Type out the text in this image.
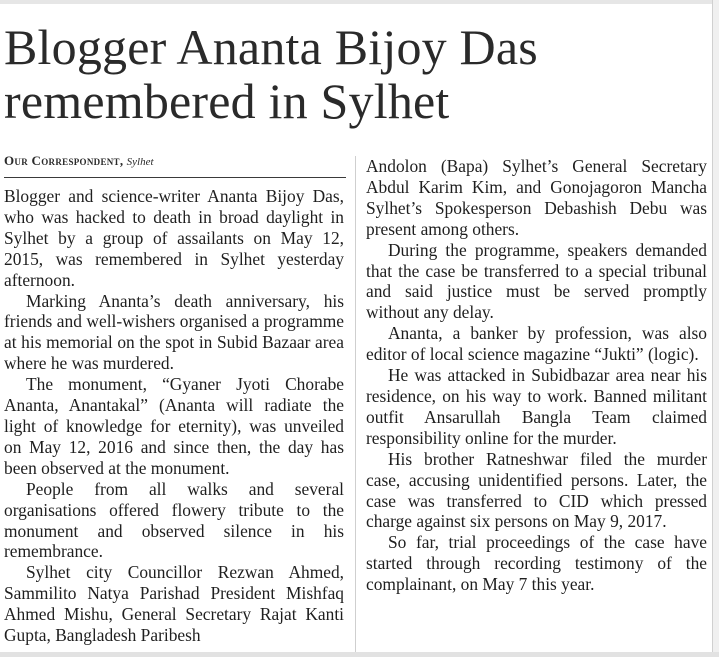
Blogger Ananta Bijoy Das
remembered in Sylhet
Our Correspondent, Sylhet

Blogger and science-writer Ananta Bijoy Das, who was hacked to death in broad daylight in Sylhet by a group of assailants on May 12, 2015, was remembered in Sylhet yesterday afternoon.

Marking Ananta’s death anniversary, his friends and well-wishers organised a programme at his memorial on the spot in Subid Bazaar area where he was murdered.

The monument, “Gyaner Jyoti Chorabe Ananta, Anantakal” (Ananta will radiate the light of knowledge for eternity), was unveiled on May 12, 2016 and since then, the day has been observed at the monument.

People from all walks and several organisations offered flowery tribute to the monument and observed silence in his remembrance.

Sylhet city Councillor Rezwan Ahmed, Sammilito Natya Parishad President Mishfaq Ahmed Mishu, General Secretary Rajat Kanti Gupta, Bangladesh Paribesh

Andolon (Bapa) Sylhet’s General Secretary Abdul Karim Kim, and Gonojagoron Mancha Sylhet’s Spokesperson Debashish Debu was present among others.

During the programme, speakers demanded that the case be transferred to a special tribunal and said justice must be served promptly without any delay.

Ananta, a banker by profession, was also editor of local science magazine “Jukti” (logic).

He was attacked in Subidbazar area near his residence, on his way to work. Banned militant outfit Ansarullah Bangla Team claimed responsibility online for the murder.

His brother Ratneshwar filed the murder case, accusing unidentified persons. Later, the case was transferred to CID which pressed charge against six persons on May 9, 2017.

So far, trial proceedings of the case have started through recording testimony of the complainant, on May 7 this year.
